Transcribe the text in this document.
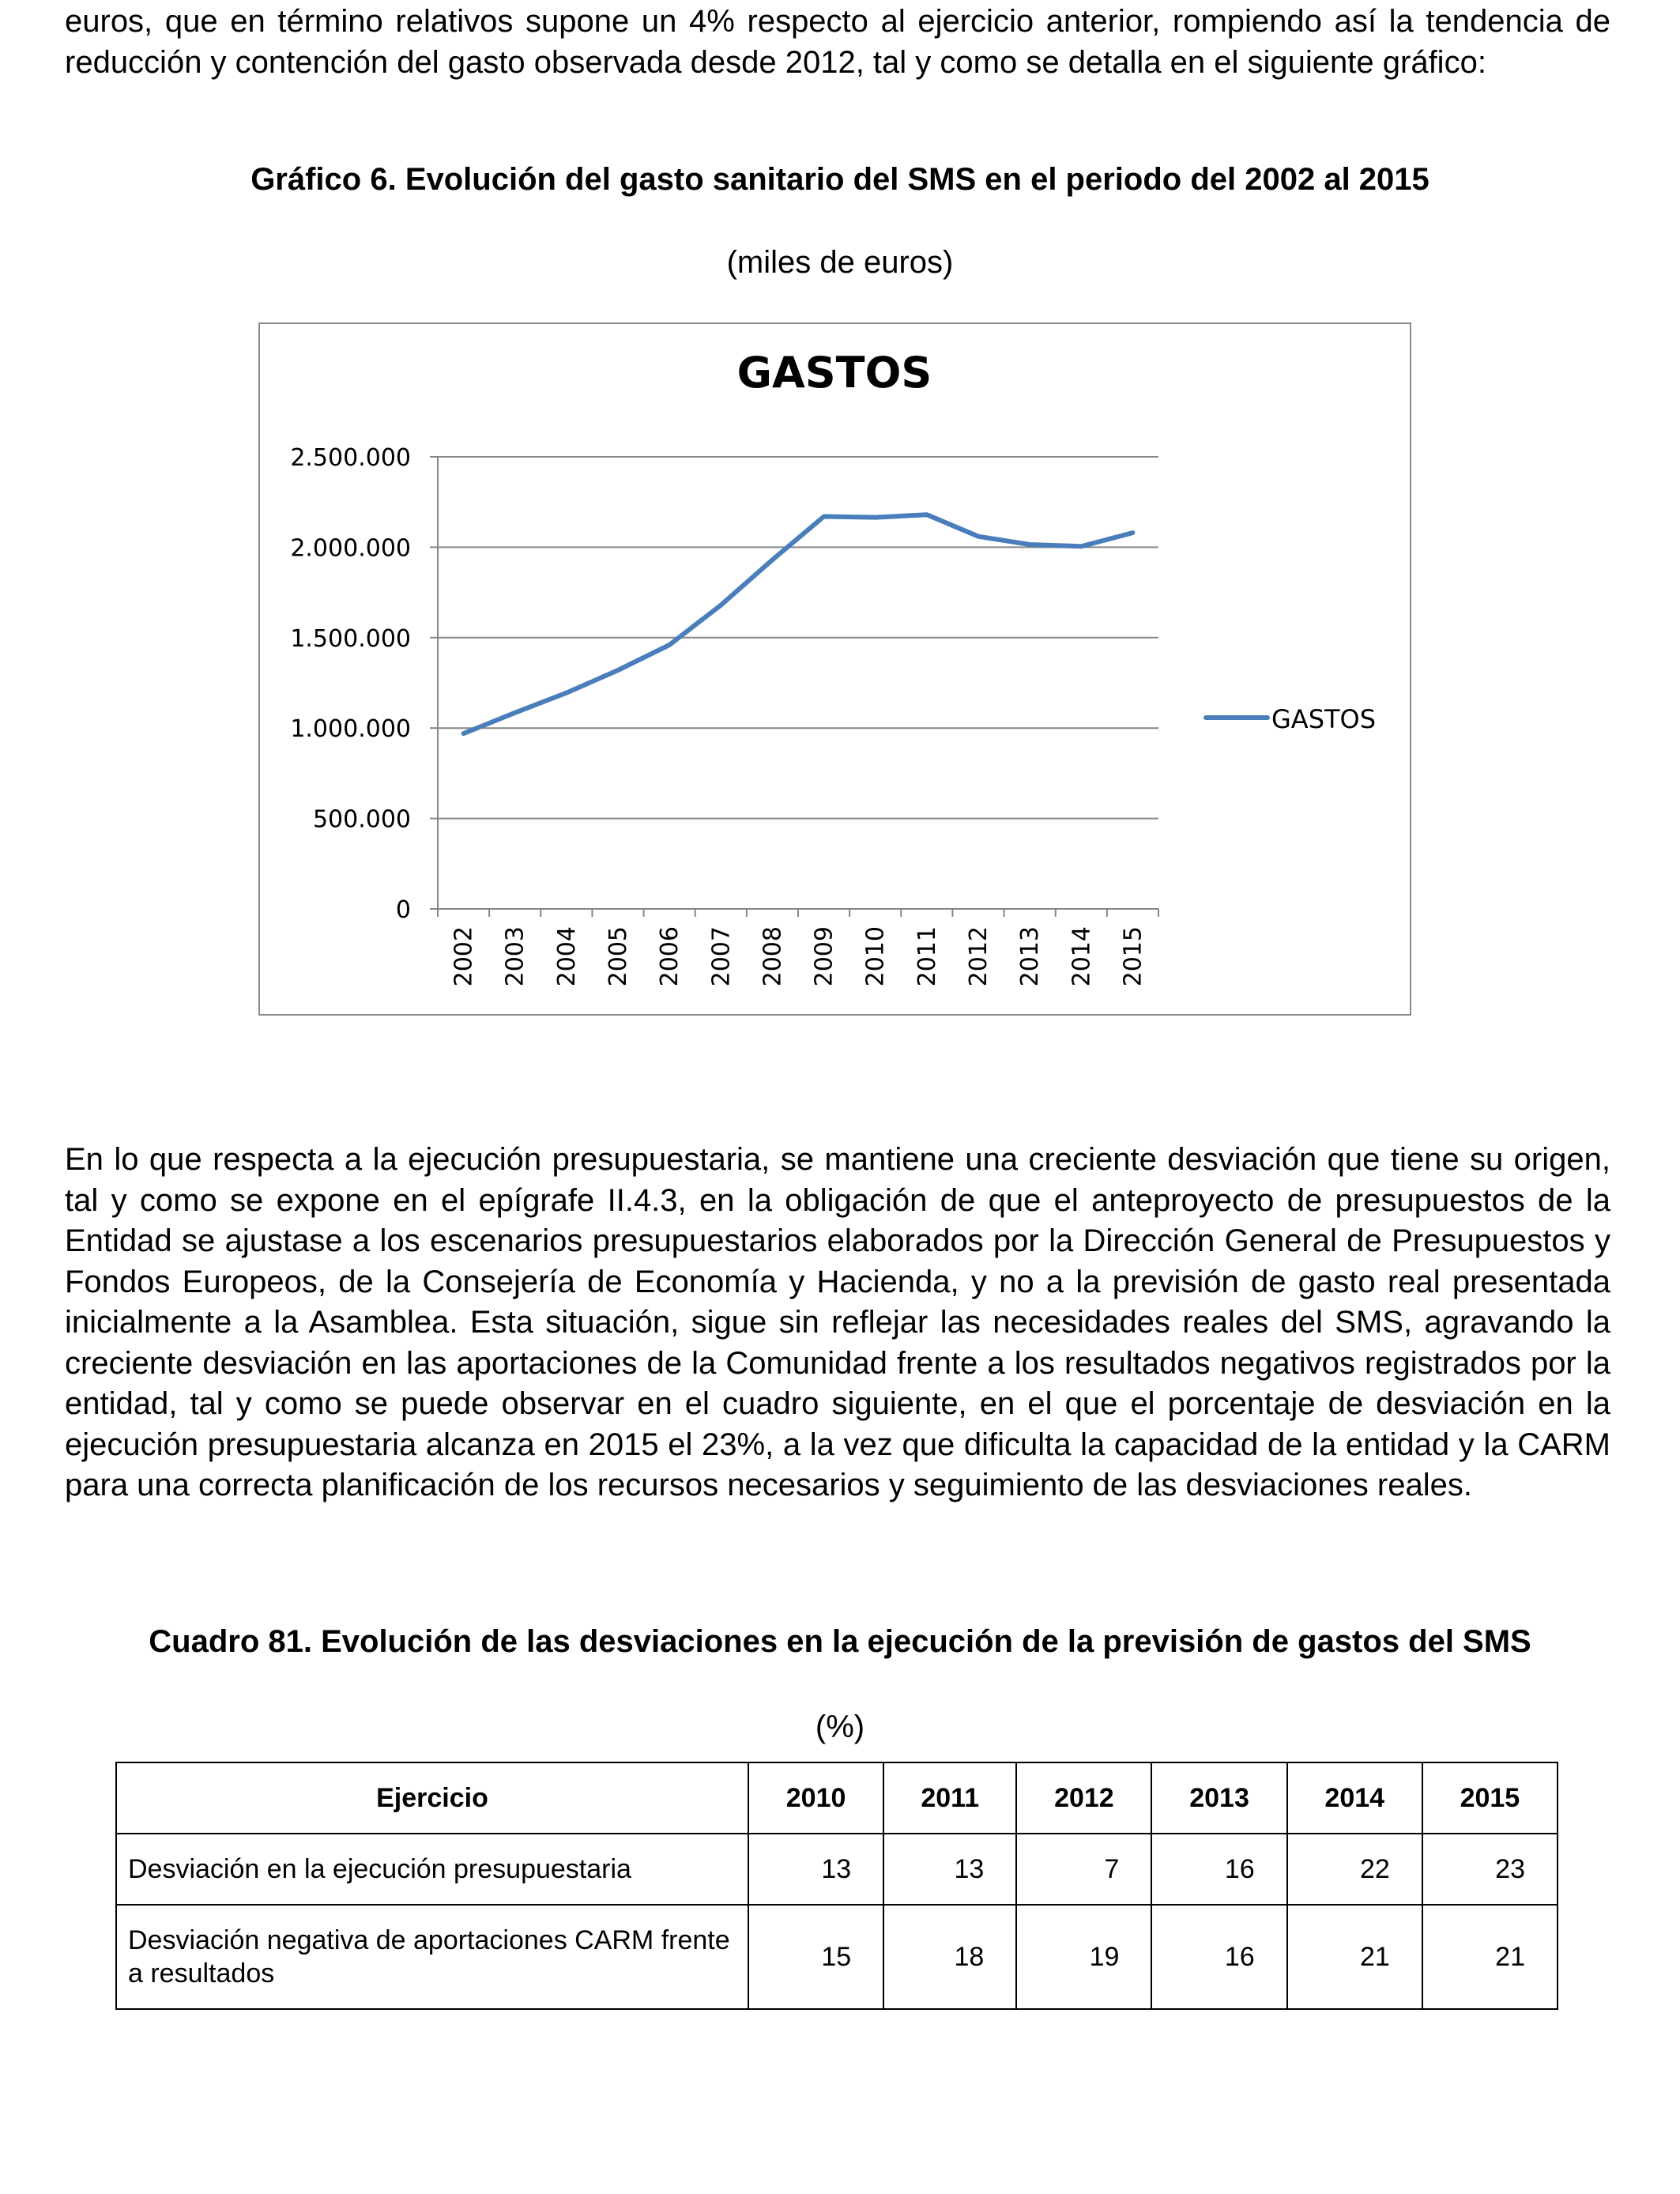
euros, que en término relativos supone un 4% respecto al ejercicio anterior, rompiendo así la tendencia de reducción y contención del gasto observada desde 2012, tal y como se detalla en el siguiente gráfico:

Gráfico 6. Evolución del gasto sanitario del SMS en el periodo del 2002 al 2015

(miles de euros)

GASTOS
0
500.000
1.000.000
1.500.000
2.000.000
2.500.000
2002 2003 2004 2005 2006 2007 2008 2009 2010 2011 2012 2013 2014 2015
GASTOS

En lo que respecta a la ejecución presupuestaria, se mantiene una creciente desviación que tiene su origen, tal y como se expone en el epígrafe II.4.3, en la obligación de que el anteproyecto de presupuestos de la Entidad se ajustase a los escenarios presupuestarios elaborados por la Dirección General de Presupuestos y Fondos Europeos, de la Consejería de Economía y Hacienda, y no a la previsión de gasto real presentada inicialmente a la Asamblea. Esta situación, sigue sin reflejar las necesidades reales del SMS, agravando la creciente desviación en las aportaciones de la Comunidad frente a los resultados negativos registrados por la entidad, tal y como se puede observar en el cuadro siguiente, en el que el porcentaje de desviación en la ejecución presupuestaria alcanza en 2015 el 23%, a la vez que dificulta la capacidad de la entidad y la CARM para una correcta planificación de los recursos necesarios y seguimiento de las desviaciones reales.

Cuadro 81. Evolución de las desviaciones en la ejecución de la previsión de gastos del SMS

(%)

Ejercicio	2010	2011	2012	2013	2014	2015
Desviación en la ejecución presupuestaria	13	13	7	16	22	23
Desviación negativa de aportaciones CARM frente a resultados	15	18	19	16	21	21
